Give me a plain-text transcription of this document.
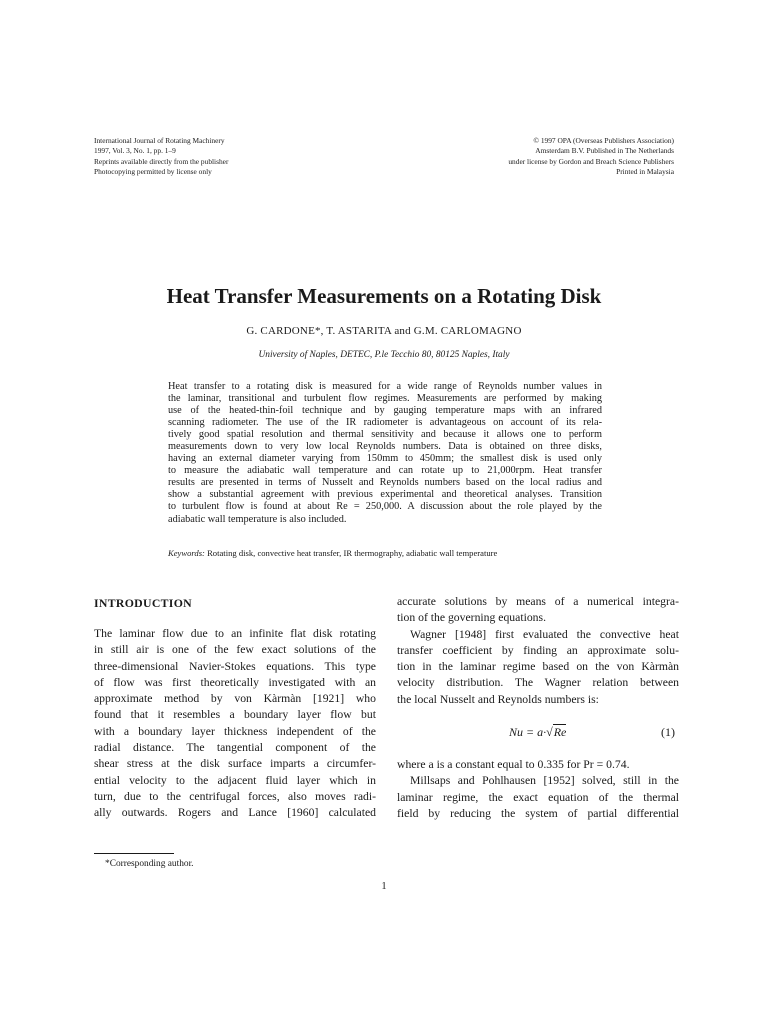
International Journal of Rotating Machinery
1997, Vol. 3, No. 1, pp. 1–9
Reprints available directly from the publisher
Photocopying permitted by license only
© 1997 OPA (Overseas Publishers Association)
Amsterdam B.V. Published in The Netherlands
under license by Gordon and Breach Science Publishers
Printed in Malaysia
Heat Transfer Measurements on a Rotating Disk
G. CARDONE*, T. ASTARITA and G.M. CARLOMAGNO
University of Naples, DETEC, P.le Tecchio 80, 80125 Naples, Italy
Heat transfer to a rotating disk is measured for a wide range of Reynolds number values in
the laminar, transitional and turbulent flow regimes. Measurements are performed by making
use of the heated-thin-foil technique and by gauging temperature maps with an infrared
scanning radiometer. The use of the IR radiometer is advantageous on account of its rela-
tively good spatial resolution and thermal sensitivity and because it allows one to perform
measurements down to very low local Reynolds numbers. Data is obtained on three disks,
having an external diameter varying from 150mm to 450mm; the smallest disk is used only
to measure the adiabatic wall temperature and can rotate up to 21,000rpm. Heat transfer
results are presented in terms of Nusselt and Reynolds numbers based on the local radius and
show a substantial agreement with previous experimental and theoretical analyses. Transition
to turbulent flow is found at about Re = 250,000. A discussion about the role played by the
adiabatic wall temperature is also included.
Keywords: Rotating disk, convective heat transfer, IR thermography, adiabatic wall temperature
INTRODUCTION
The laminar flow due to an infinite flat disk rotating
in still air is one of the few exact solutions of the
three-dimensional Navier-Stokes equations. This type
of flow was first theoretically investigated with an
approximate method by von Kàrmàn [1921] who
found that it resembles a boundary layer flow but
with a boundary layer thickness independent of the
radial distance. The tangential component of the
shear stress at the disk surface imparts a circumfer-
ential velocity to the adjacent fluid layer which in
turn, due to the centrifugal forces, also moves radi-
ally outwards. Rogers and Lance [1960] calculated
accurate solutions by means of a numerical integra-
tion of the governing equations.
Wagner [1948] first evaluated the convective heat
transfer coefficient by finding an approximate solu-
tion in the laminar regime based on the von Kàrmàn
velocity distribution. The Wagner relation between
the local Nusselt and Reynolds numbers is:
where a is a constant equal to 0.335 for Pr = 0.74.
Millsaps and Pohlhausen [1952] solved, still in the
laminar regime, the exact equation of the thermal
field by reducing the system of partial differential
Nu = a·√Re	(1)
*Corresponding author.
1
